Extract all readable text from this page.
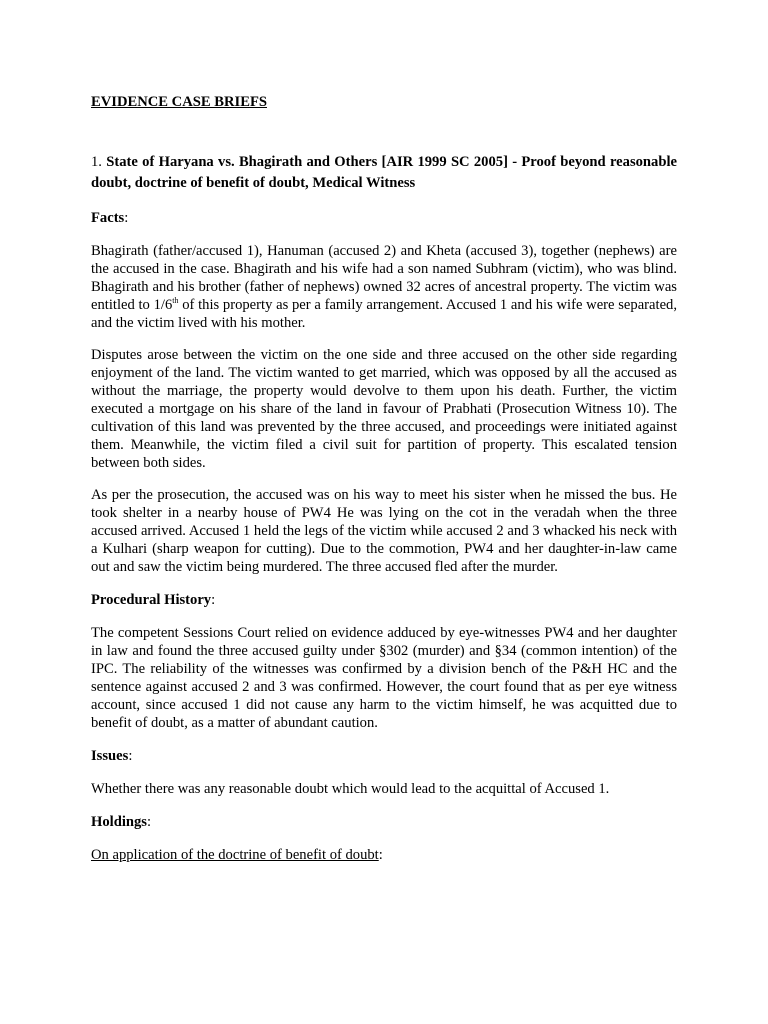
EVIDENCE CASE BRIEFS

1. State of Haryana vs. Bhagirath and Others [AIR 1999 SC 2005] - Proof beyond reasonable doubt, doctrine of benefit of doubt, Medical Witness

Facts:

Bhagirath (father/accused 1), Hanuman (accused 2) and Kheta (accused 3), together (nephews) are the accused in the case. Bhagirath and his wife had a son named Subhram (victim), who was blind. Bhagirath and his brother (father of nephews) owned 32 acres of ancestral property. The victim was entitled to 1/6th of this property as per a family arrangement. Accused 1 and his wife were separated, and the victim lived with his mother.

Disputes arose between the victim on the one side and three accused on the other side regarding enjoyment of the land. The victim wanted to get married, which was opposed by all the accused as without the marriage, the property would devolve to them upon his death. Further, the victim executed a mortgage on his share of the land in favour of Prabhati (Prosecution Witness 10). The cultivation of this land was prevented by the three accused, and proceedings were initiated against them. Meanwhile, the victim filed a civil suit for partition of property. This escalated tension between both sides.

As per the prosecution, the accused was on his way to meet his sister when he missed the bus. He took shelter in a nearby house of PW4 He was lying on the cot in the veradah when the three accused arrived. Accused 1 held the legs of the victim while accused 2 and 3 whacked his neck with a Kulhari (sharp weapon for cutting). Due to the commotion, PW4 and her daughter-in-law came out and saw the victim being murdered. The three accused fled after the murder.

Procedural History:

The competent Sessions Court relied on evidence adduced by eye-witnesses PW4 and her daughter in law and found the three accused guilty under §302 (murder) and §34 (common intention) of the IPC. The reliability of the witnesses was confirmed by a division bench of the P&H HC and the sentence against accused 2 and 3 was confirmed. However, the court found that as per eye witness account, since accused 1 did not cause any harm to the victim himself, he was acquitted due to benefit of doubt, as a matter of abundant caution.

Issues:

Whether there was any reasonable doubt which would lead to the acquittal of Accused 1.

Holdings:

On application of the doctrine of benefit of doubt:
